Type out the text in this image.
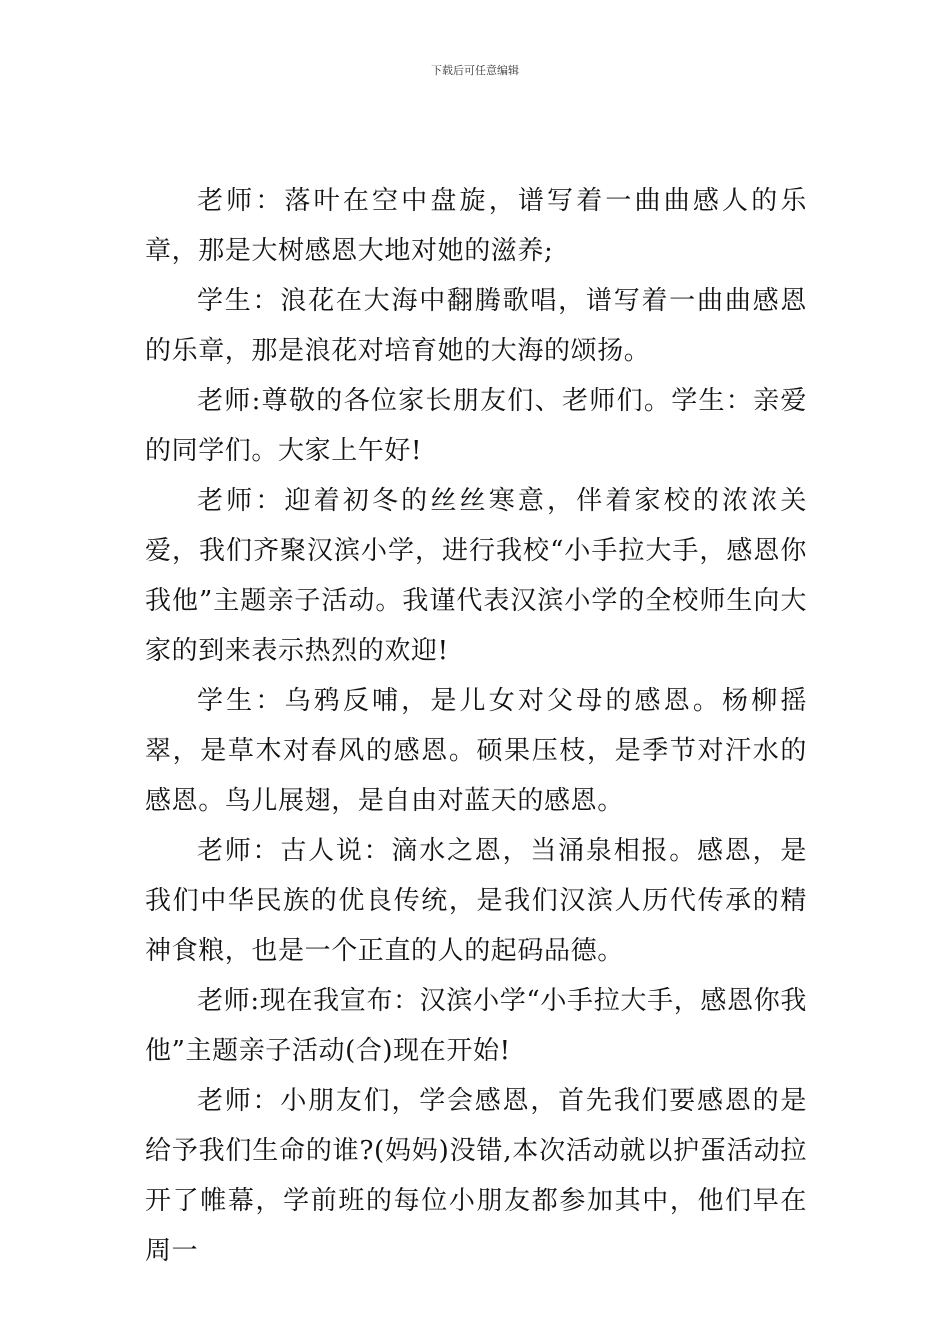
下载后可任意编辑

老师：落叶在空中盘旋，谱写着一曲曲感人的乐章，那是大树感恩大地对她的滋养;

学生：浪花在大海中翻腾歌唱，谱写着一曲曲感恩的乐章，那是浪花对培育她的大海的颂扬。

老师:尊敬的各位家长朋友们、老师们。学生：亲爱的同学们。大家上午好!

老师：迎着初冬的丝丝寒意，伴着家校的浓浓关爱，我们齐聚汉滨小学，进行我校“小手拉大手，感恩你我他”主题亲子活动。我谨代表汉滨小学的全校师生向大家的到来表示热烈的欢迎!

学生：乌鸦反哺，是儿女对父母的感恩。杨柳摇翠，是草木对春风的感恩。硕果压枝，是季节对汗水的感恩。鸟儿展翅，是自由对蓝天的感恩。

老师：古人说：滴水之恩，当涌泉相报。感恩，是我们中华民族的优良传统，是我们汉滨人历代传承的精神食粮，也是一个正直的人的起码品德。

老师:现在我宣布：汉滨小学“小手拉大手，感恩你我他”主题亲子活动(合)现在开始!

老师：小朋友们，学会感恩，首先我们要感恩的是给予我们生命的谁?(妈妈)没错,本次活动就以护蛋活动拉开了帷幕，学前班的每位小朋友都参加其中，他们早在周一
